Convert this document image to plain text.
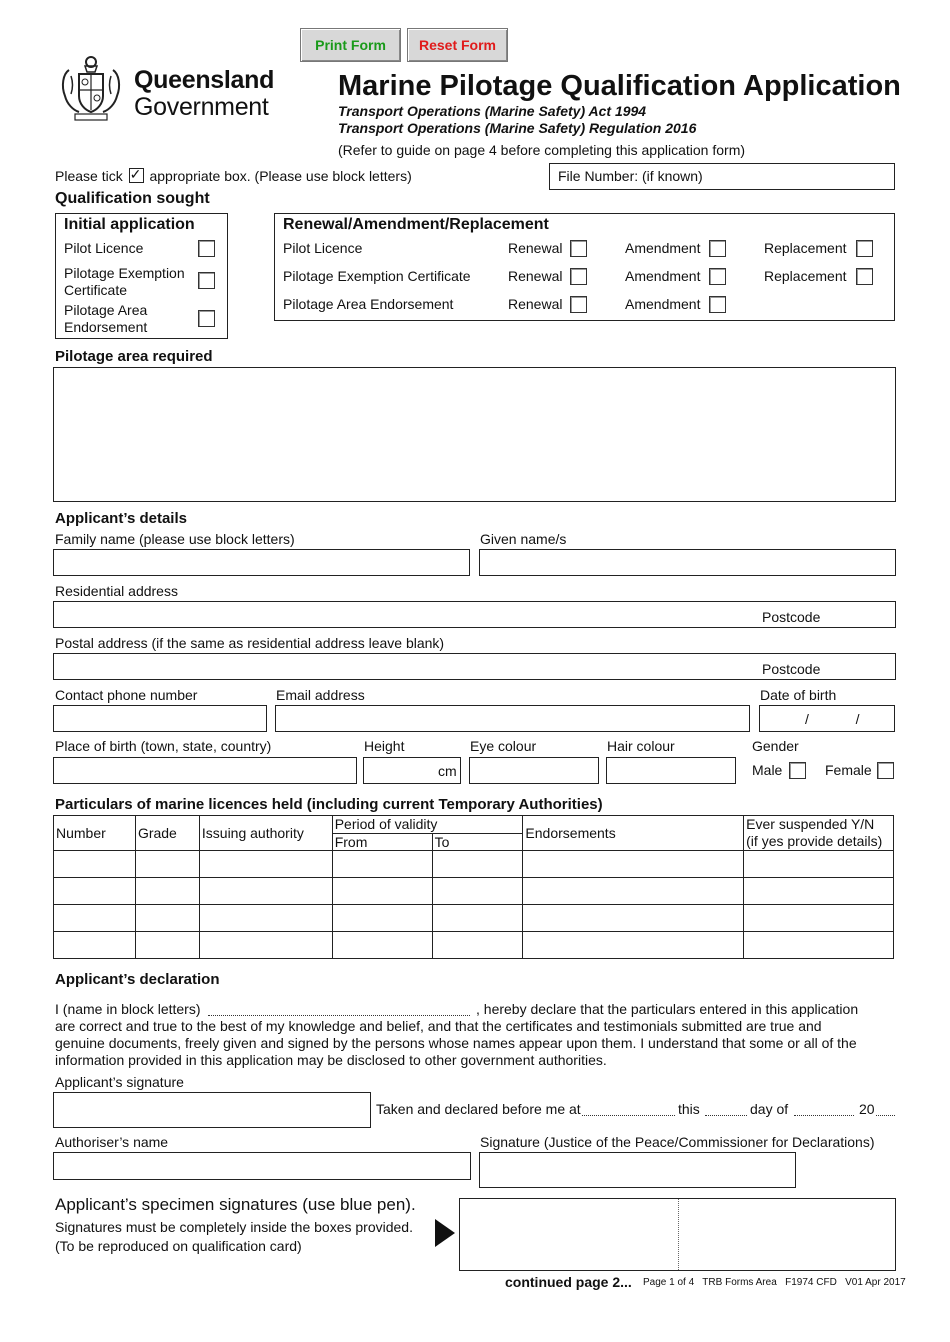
Print Form Reset Form
Queensland
Government
Marine Pilotage Qualification Application
Transport Operations (Marine Safety) Act 1994
Transport Operations (Marine Safety) Regulation 2016
(Refer to guide on page 4 before completing this application form)
Please tick ✓ appropriate box. (Please use block letters)	File Number: (if known)
Qualification sought
Initial application
Pilot Licence
Pilotage Exemption
Certificate
Pilotage Area
Endorsement
Renewal/Amendment/Replacement
Pilot Licence	Renewal	Amendment	Replacement
Pilotage Exemption Certificate	Renewal	Amendment	Replacement
Pilotage Area Endorsement	Renewal	Amendment
Pilotage area required
Applicant’s details
Family name (please use block letters)	Given name/s
Residential address
Postcode
Postal address (if the same as residential address leave blank)
Postcode
Contact phone number	Email address	Date of birth
/            /
Place of birth (town, state, country)	Height
cm
Eye colour	Hair colour	Gender
Male	Female
Particulars of marine licences held (including current Temporary Authorities)
Number	Grade	Issuing authority	Period of validity		Endorsements	Ever suspended Y/N
(if yes provide details)
			From	To		

Applicant’s declaration
I (name in block letters)	, hereby declare that the particulars entered in this application
are correct and true to the best of my knowledge and belief, and that the certificates and testimonials submitted are true and
genuine documents, freely given and signed by the persons whose names appear upon them. I understand that some or all of the
information provided in this application may be disclosed to other government authorities.
Applicant’s signature
Taken and declared before me at	this	day of	20
Authoriser’s name	Signature (Justice of the Peace/Commissioner for Declarations)
Applicant’s specimen signatures (use blue pen).
Signatures must be completely inside the boxes provided.
(To be reproduced on qualification card)
continued page 2... Page 1 of 4   TRB Forms Area   F1974 CFD   V01 Apr 2017
